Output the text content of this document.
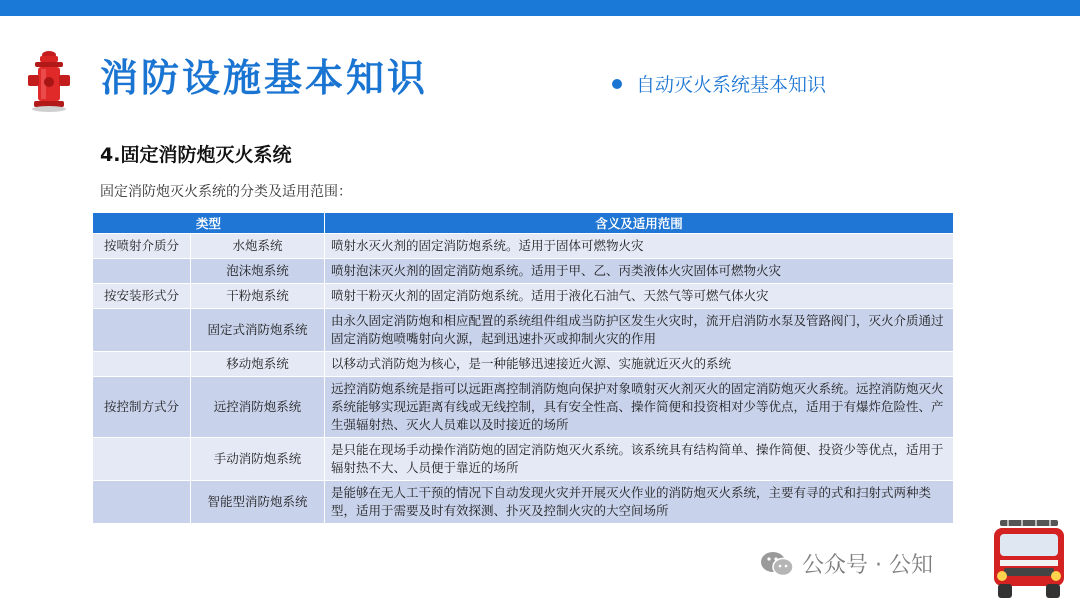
消防设施基本知识	自动灭火系统基本知识
4.固定消防炮灭火系统
固定消防炮灭火系统的分类及适用范围：
类型		含义及适用范围
按喷射介质分	水炮系统	喷射水灭火剂的固定消防炮系统。适用于固体可燃物火灾
	泡沫炮系统	喷射泡沫灭火剂的固定消防炮系统。适用于甲、乙、丙类液体火灾固体可燃物火灾
按安装形式分	干粉炮系统	喷射干粉灭火剂的固定消防炮系统。适用于液化石油气、天然气等可燃气体火灾
	固定式消防炮系统	由永久固定消防炮和相应配置的系统组件组成当防护区发生火灾时，流开启消防水泵及管路阀门，灭火介质通过固定消防炮喷嘴射向火源，起到迅速扑灭或抑制火灾的作用
	移动炮系统	以移动式消防炮为核心，是一种能够迅速接近火源、实施就近灭火的系统
按控制方式分	远控消防炮系统	远控消防炮系统是指可以远距离控制消防炮向保护对象喷射灭火剂灭火的固定消防炮灭火系统。远控消防炮灭火系统能够实现远距离有线或无线控制，具有安全性高、操作简便和投资相对少等优点，适用于有爆炸危险性、产生强辐射热、灭火人员难以及时接近的场所
	手动消防炮系统	是只能在现场手动操作消防炮的固定消防炮灭火系统。该系统具有结构简单、操作简便、投资少等优点，适用于辐射热不大、人员便于靠近的场所
	智能型消防炮系统	是能够在无人工干预的情况下自动发现火灾并开展灭火作业的消防炮灭火系统，主要有寻的式和扫射式两种类型，适用于需要及时有效探测、扑灭及控制火灾的大空间场所
公众号 · 公知
